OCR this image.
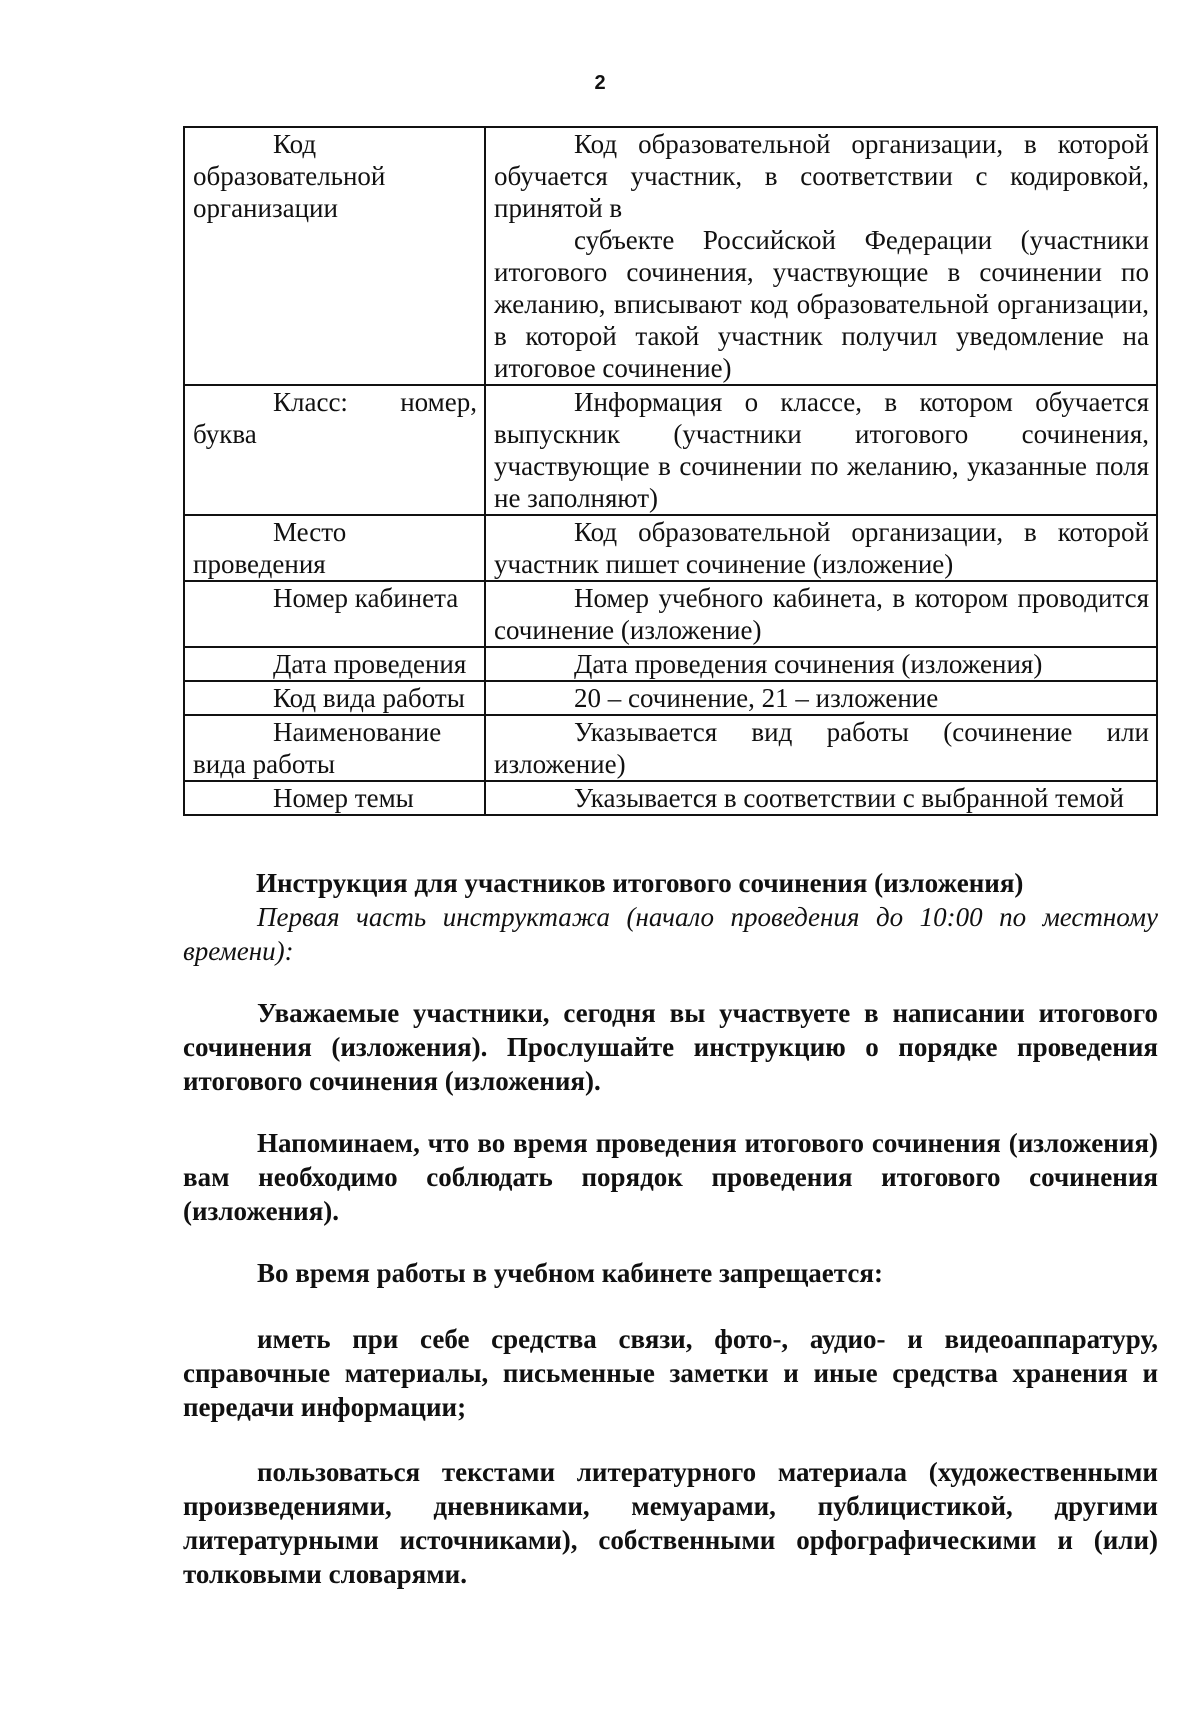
2

Код образовательной организации	Код образовательной организации, в которой обучается участник, в соответствии с кодировкой, принятой в

субъекте Российской Федерации (участники итогового сочинения, участвующие в сочинении по желанию, вписывают код образовательной организации, в которой такой участник получил уведомление на итоговое сочинение)

Класс: номер, буква	Информация о классе, в котором обучается выпускник (участники итогового сочинения, участвующие в сочинении по желанию, указанные поля не заполняют)

Место проведения	Код образовательной организации, в которой участник пишет сочинение (изложение)

Номер кабинета	Номер учебного кабинета, в котором проводится сочинение (изложение)

Дата проведения	Дата проведения сочинения (изложения)

Код вида работы	20 – сочинение, 21 – изложение

Наименование вида работы	Указывается вид работы (сочинение или изложение)

Номер темы	Указывается в соответствии с выбранной темой

Инструкция для участников итогового сочинения (изложения)

Первая часть инструктажа (начало проведения до 10:00 по местному времени):

Уважаемые участники, сегодня вы участвуете в написании итогового сочинения (изложения). Прослушайте инструкцию о порядке проведения итогового сочинения (изложения).

Напоминаем, что во время проведения итогового сочинения (изложения) вам необходимо соблюдать порядок проведения итогового сочинения (изложения).

Во время работы в учебном кабинете запрещается:

иметь при себе средства связи, фото-, аудио- и видеоаппаратуру, справочные материалы, письменные заметки и иные средства хранения и передачи информации;

пользоваться текстами литературного материала (художественными произведениями, дневниками, мемуарами, публицистикой, другими литературными источниками), собственными орфографическими и (или) толковыми словарями.
